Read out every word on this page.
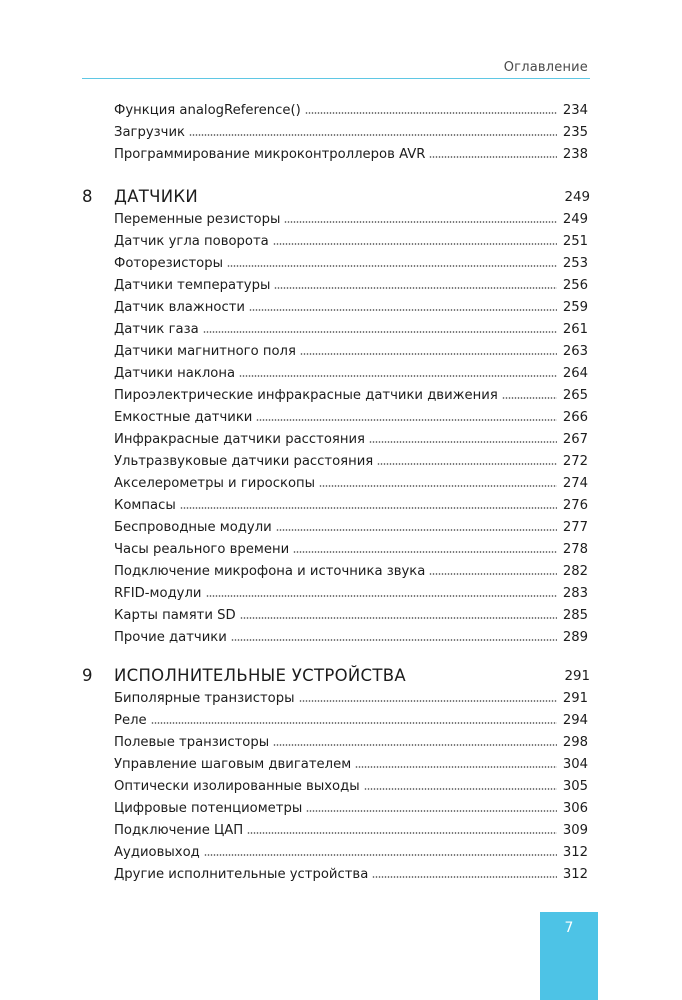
Оглавление
Функция analogReference()	234
Загрузчик	235
Программирование микроконтроллеров AVR	238
8	ДАТЧИКИ	249
Переменные резисторы	249
Датчик угла поворота	251
Фоторезисторы	253
Датчики температуры	256
Датчик влажности	259
Датчик газа	261
Датчики магнитного поля	263
Датчики наклона	264
Пироэлектрические инфракрасные датчики движения	265
Емкостные датчики	266
Инфракрасные датчики расстояния	267
Ультразвуковые датчики расстояния	272
Акселерометры и гироскопы	274
Компасы	276
Беспроводные модули	277
Часы реального времени	278
Подключение микрофона и источника звука	282
RFID-модули	283
Карты памяти SD	285
Прочие датчики	289
9	ИСПОЛНИТЕЛЬНЫЕ УСТРОЙСТВА	291
Биполярные транзисторы	291
Реле	294
Полевые транзисторы	298
Управление шаговым двигателем	304
Оптически изолированные выходы	305
Цифровые потенциометры	306
Подключение ЦАП	309
Аудиовыход	312
Другие исполнительные устройства	312
7
